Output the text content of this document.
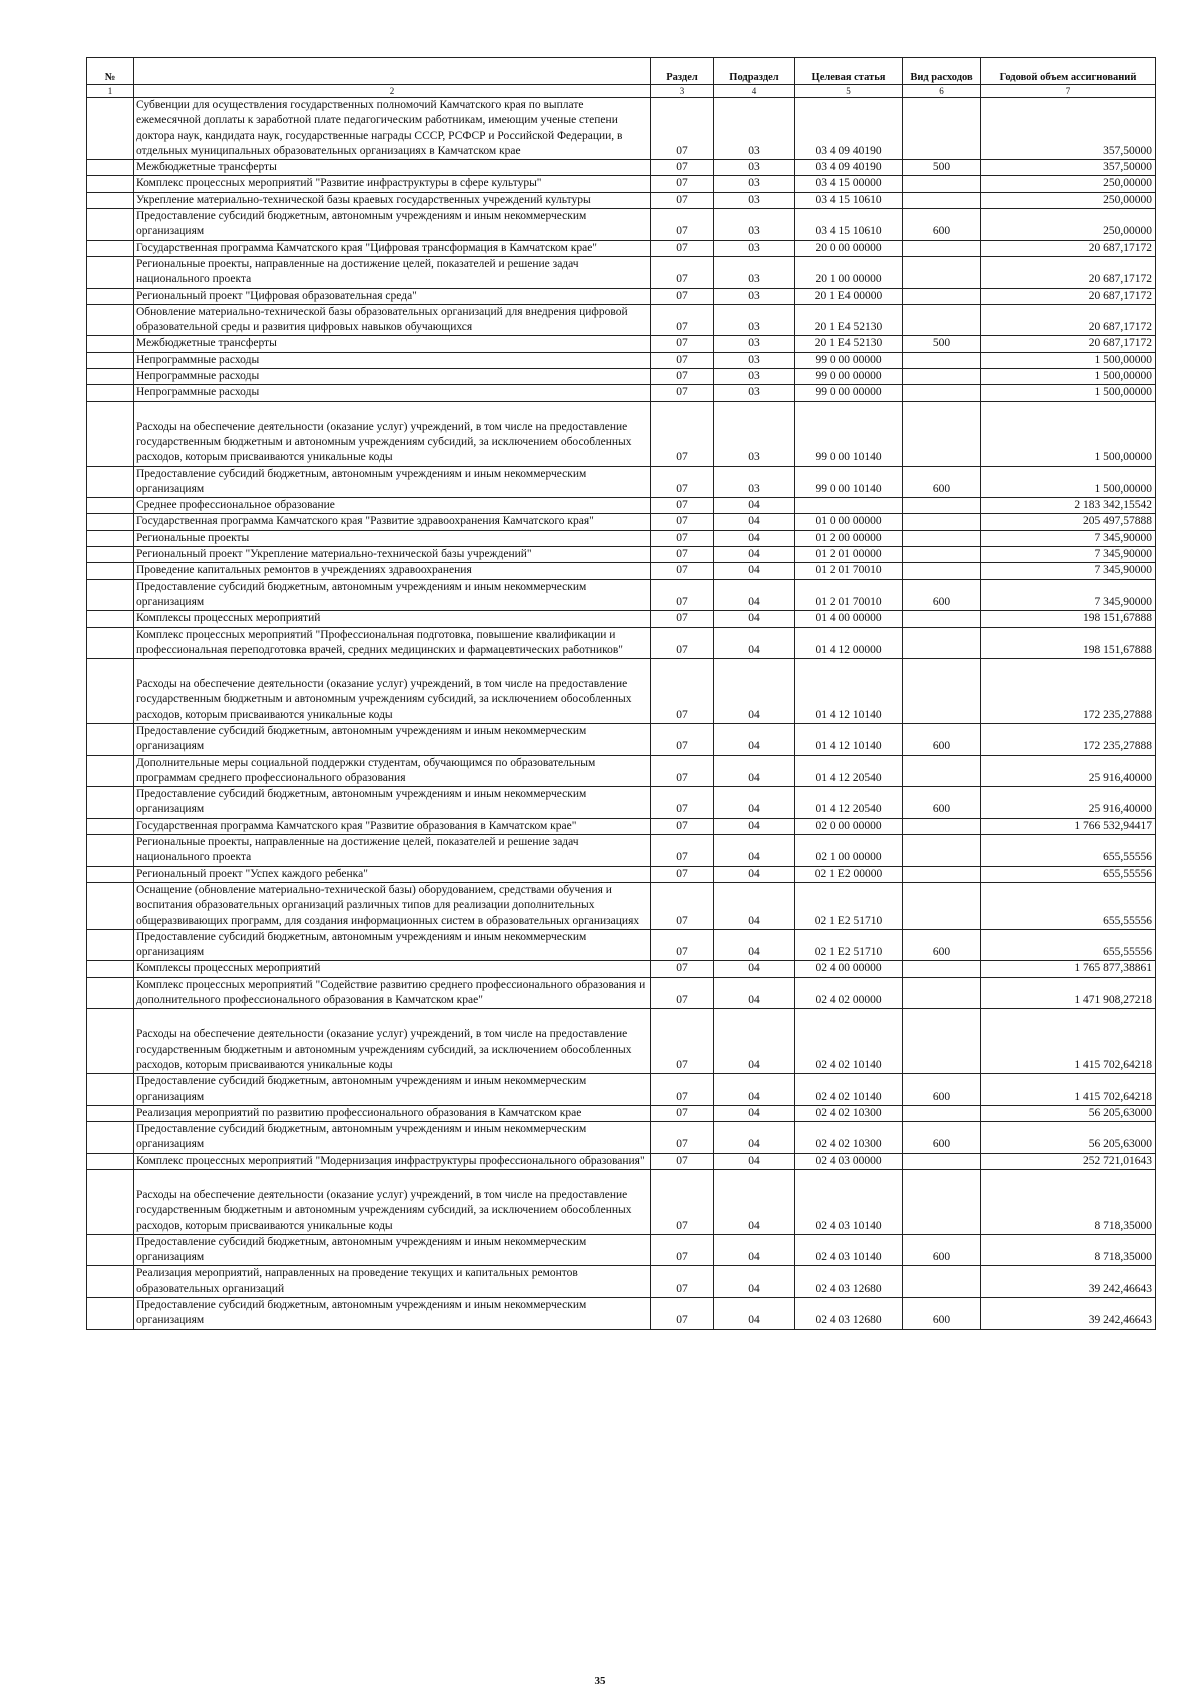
№		Раздел	Подраздел	Целевая статья	Вид расходов	Годовой объем ассигнований
1	2	3	4	5	6	7
	Субвенции для осуществления государственных полномочий Камчатского края по выплате ежемесячной доплаты к заработной плате педагогическим работникам, имеющим ученые степени доктора наук, кандидата наук, государственные награды СССР, РСФСР и Российской Федерации, в отдельных муниципальных образовательных организациях в Камчатском крае	07	03	03 4 09 40190		357,50000
	Межбюджетные трансферты	07	03	03 4 09 40190	500	357,50000
	Комплекс процессных мероприятий "Развитие инфраструктуры в сфере культуры"	07	03	03 4 15 00000		250,00000
	Укрепление материально-технической базы краевых государственных учреждений культуры	07	03	03 4 15 10610		250,00000
	Предоставление субсидий бюджетным, автономным учреждениям и иным некоммерческим организациям	07	03	03 4 15 10610	600	250,00000
	Государственная программа Камчатского края "Цифровая трансформация в Камчатском крае"	07	03	20 0 00 00000		20 687,17172
	Региональные проекты, направленные на достижение целей, показателей и решение задач национального проекта	07	03	20 1 00 00000		20 687,17172
	Региональный проект "Цифровая образовательная среда"	07	03	20 1 Е4 00000		20 687,17172
	Обновление материально-технической базы образовательных организаций для внедрения цифровой образовательной среды и развития цифровых навыков обучающихся	07	03	20 1 Е4 52130		20 687,17172
	Межбюджетные трансферты	07	03	20 1 Е4 52130	500	20 687,17172
	Непрограммные расходы	07	03	99 0 00 00000		1 500,00000
	Непрограммные расходы	07	03	99 0 00 00000		1 500,00000
	Непрограммные расходы	07	03	99 0 00 00000		1 500,00000
	Расходы на обеспечение деятельности (оказание услуг) учреждений, в том числе на предоставление государственным бюджетным и автономным учреждениям субсидий, за исключением обособленных расходов, которым присваиваются уникальные коды	07	03	99 0 00 10140		1 500,00000
	Предоставление субсидий бюджетным, автономным учреждениям и иным некоммерческим организациям	07	03	99 0 00 10140	600	1 500,00000
	Среднее профессиональное образование	07	04			2 183 342,15542
	Государственная программа Камчатского края "Развитие здравоохранения Камчатского края"	07	04	01 0 00 00000		205 497,57888
	Региональные проекты	07	04	01 2 00 00000		7 345,90000
	Региональный проект "Укрепление материально-технической базы учреждений"	07	04	01 2 01 00000		7 345,90000
	Проведение капитальных ремонтов в учреждениях здравоохранения	07	04	01 2 01 70010		7 345,90000
	Предоставление субсидий бюджетным, автономным учреждениям и иным некоммерческим организациям	07	04	01 2 01 70010	600	7 345,90000
	Комплексы процессных мероприятий	07	04	01 4 00 00000		198 151,67888
	Комплекс процессных мероприятий "Профессиональная подготовка, повышение квалификации и профессиональная переподготовка врачей, средних медицинских и фармацевтических работников"	07	04	01 4 12 00000		198 151,67888
	Расходы на обеспечение деятельности (оказание услуг) учреждений, в том числе на предоставление государственным бюджетным и автономным учреждениям субсидий, за исключением обособленных расходов, которым присваиваются уникальные коды	07	04	01 4 12 10140		172 235,27888
	Предоставление субсидий бюджетным, автономным учреждениям и иным некоммерческим организациям	07	04	01 4 12 10140	600	172 235,27888
	Дополнительные меры социальной поддержки студентам, обучающимся по образовательным программам среднего профессионального образования	07	04	01 4 12 20540		25 916,40000
	Предоставление субсидий бюджетным, автономным учреждениям и иным некоммерческим организациям	07	04	01 4 12 20540	600	25 916,40000
	Государственная программа Камчатского края "Развитие образования в Камчатском крае"	07	04	02 0 00 00000		1 766 532,94417
	Региональные проекты, направленные на достижение целей, показателей и решение задач национального проекта	07	04	02 1 00 00000		655,55556
	Региональный проект "Успех каждого ребенка"	07	04	02 1 Е2 00000		655,55556
	Оснащение (обновление материально-технической базы) оборудованием, средствами обучения и воспитания образовательных организаций различных типов для реализации дополнительных общеразвивающих программ, для создания информационных систем в образовательных организациях	07	04	02 1 Е2 51710		655,55556
	Предоставление субсидий бюджетным, автономным учреждениям и иным некоммерческим организациям	07	04	02 1 Е2 51710	600	655,55556
	Комплексы процессных мероприятий	07	04	02 4 00 00000		1 765 877,38861
	Комплекс процессных мероприятий "Содействие развитию среднего профессионального образования и дополнительного профессионального образования в Камчатском крае"	07	04	02 4 02 00000		1 471 908,27218
	Расходы на обеспечение деятельности (оказание услуг) учреждений, в том числе на предоставление государственным бюджетным и автономным учреждениям субсидий, за исключением обособленных расходов, которым присваиваются уникальные коды	07	04	02 4 02 10140		1 415 702,64218
	Предоставление субсидий бюджетным, автономным учреждениям и иным некоммерческим организациям	07	04	02 4 02 10140	600	1 415 702,64218
	Реализация мероприятий по развитию профессионального образования в Камчатском крае	07	04	02 4 02 10300		56 205,63000
	Предоставление субсидий бюджетным, автономным учреждениям и иным некоммерческим организациям	07	04	02 4 02 10300	600	56 205,63000
	Комплекс процессных мероприятий "Модернизация инфраструктуры профессионального образования"	07	04	02 4 03 00000		252 721,01643
	Расходы на обеспечение деятельности (оказание услуг) учреждений, в том числе на предоставление государственным бюджетным и автономным учреждениям субсидий, за исключением обособленных расходов, которым присваиваются уникальные коды	07	04	02 4 03 10140		8 718,35000
	Предоставление субсидий бюджетным, автономным учреждениям и иным некоммерческим организациям	07	04	02 4 03 10140	600	8 718,35000
	Реализация мероприятий, направленных на проведение текущих и капитальных ремонтов образовательных организаций	07	04	02 4 03 12680		39 242,46643
	Предоставление субсидий бюджетным, автономным учреждениям и иным некоммерческим организациям	07	04	02 4 03 12680	600	39 242,46643
35
